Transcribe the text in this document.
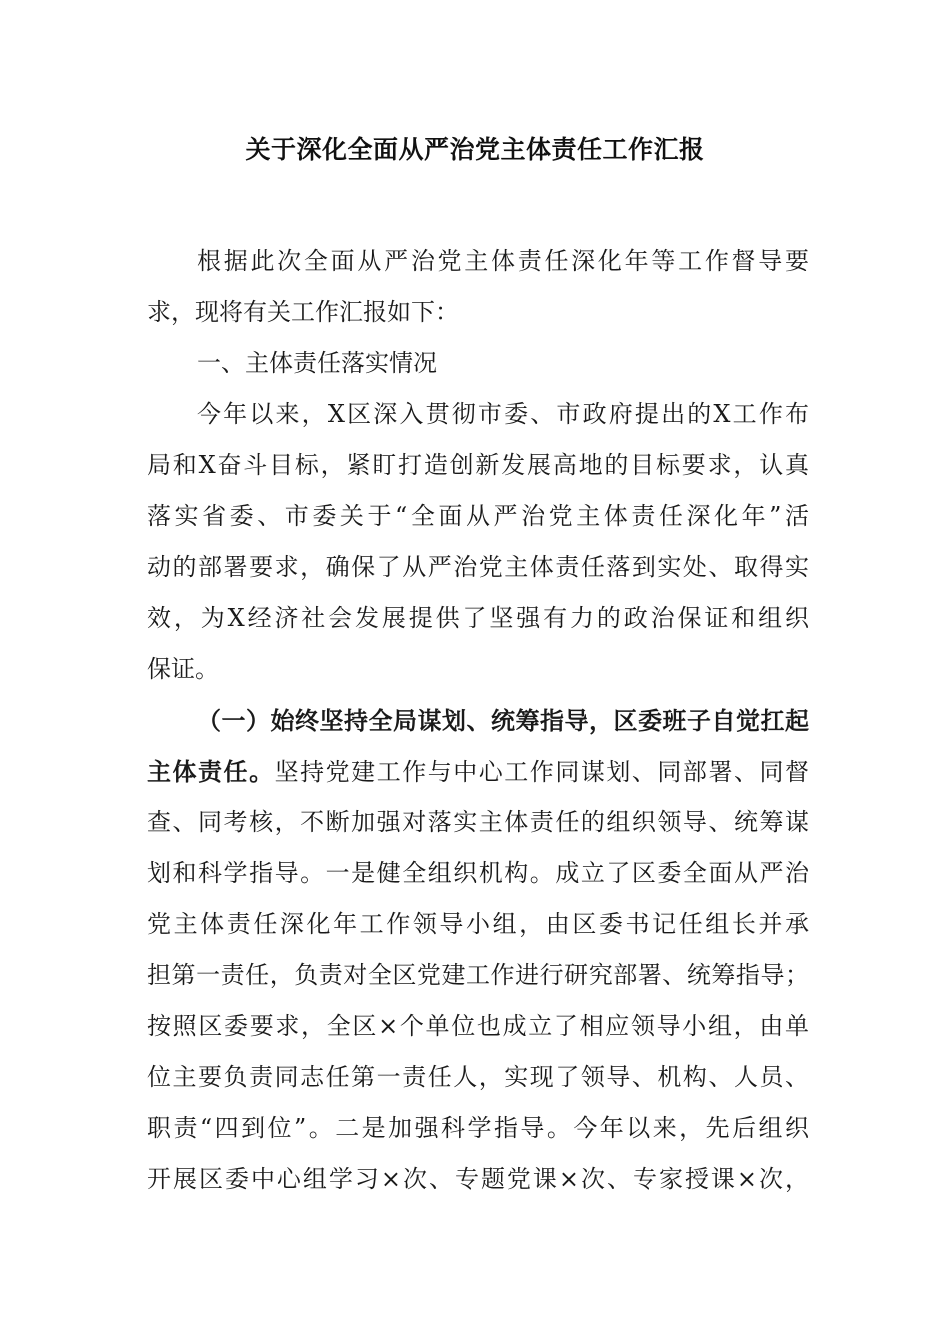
关于深化全面从严治党主体责任工作汇报
根据此次全面从严治党主体责任深化年等工作督导要
求，现将有关工作汇报如下：
一、主体责任落实情况
今年以来，X区深入贯彻市委、市政府提出的X工作布
局和X奋斗目标，紧盯打造创新发展高地的目标要求，认真
落实省委、市委关于“全面从严治党主体责任深化年”活
动的部署要求，确保了从严治党主体责任落到实处、取得实
效，为X经济社会发展提供了坚强有力的政治保证和组织
保证。
（一）始终坚持全局谋划、统筹指导，区委班子自觉扛起
主体责任。坚持党建工作与中心工作同谋划、同部署、同督
查、同考核，不断加强对落实主体责任的组织领导、统筹谋
划和科学指导。一是健全组织机构。成立了区委全面从严治
党主体责任深化年工作领导小组，由区委书记任组长并承
担第一责任，负责对全区党建工作进行研究部署、统筹指导；
按照区委要求，全区×个单位也成立了相应领导小组，由单
位主要负责同志任第一责任人，实现了领导、机构、人员、
职责“四到位”。二是加强科学指导。今年以来，先后组织
开展区委中心组学习×次、专题党课×次、专家授课×次，
